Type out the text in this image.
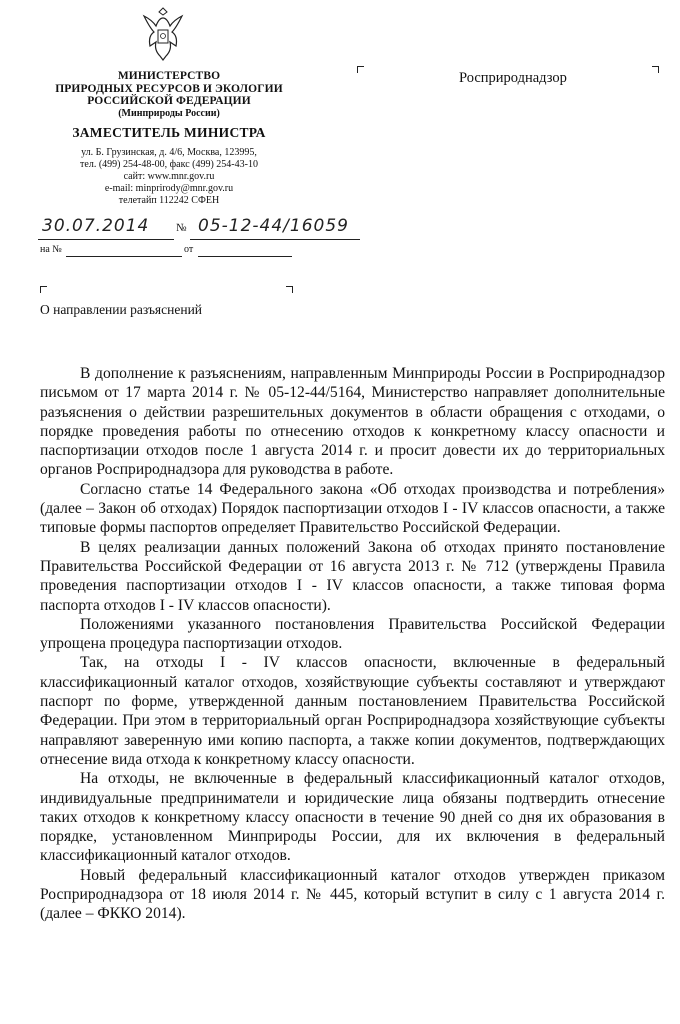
МИНИСТЕРСТВО
ПРИРОДНЫХ РЕСУРСОВ И ЭКОЛОГИИ
РОССИЙСКОЙ ФЕДЕРАЦИИ
(Минприроды России)
ЗАМЕСТИТЕЛЬ МИНИСТРА
ул. Б. Грузинская, д. 4/6, Москва, 123995,
тел. (499) 254-48-00, факс (499) 254-43-10
сайт: www.mnr.gov.ru
e-mail: minprirody@mnr.gov.ru
телетайп 112242 СФЕН
30.07.2014 № 05-12-44/16059
на №	от
Росприроднадзор
О направлении разъяснений

В дополнение к разъяснениям, направленным Минприроды России в Росприроднадзор письмом от 17 марта 2014 г. № 05-12-44/5164, Министерство направляет дополнительные разъяснения о действии разрешительных документов в области обращения с отходами, о порядке проведения работы по отнесению отходов к конкретному классу опасности и паспортизации отходов после 1 августа 2014 г. и просит довести их до территориальных органов Росприроднадзора для руководства в работе.

Согласно статье 14 Федерального закона «Об отходах производства и потребления» (далее – Закон об отходах) Порядок паспортизации отходов I - IV классов опасности, а также типовые формы паспортов определяет Правительство Российской Федерации.

В целях реализации данных положений Закона об отходах принято постановление Правительства Российской Федерации от 16 августа 2013 г. № 712 (утверждены Правила проведения паспортизации отходов I - IV классов опасности, а также типовая форма паспорта отходов I - IV классов опасности).

Положениями указанного постановления Правительства Российской Федерации упрощена процедура паспортизации отходов.

Так, на отходы I - IV классов опасности, включенные в федеральный классификационный каталог отходов, хозяйствующие субъекты составляют и утверждают паспорт по форме, утвержденной данным постановлением Правительства Российской Федерации. При этом в территориальный орган Росприроднадзора хозяйствующие субъекты направляют заверенную ими копию паспорта, а также копии документов, подтверждающих отнесение вида отхода к конкретному классу опасности.

На отходы, не включенные в федеральный классификационный каталог отходов, индивидуальные предприниматели и юридические лица обязаны подтвердить отнесение таких отходов к конкретному классу опасности в течение 90 дней со дня их образования в порядке, установленном Минприроды России, для их включения в федеральный классификационный каталог отходов.

Новый федеральный классификационный каталог отходов утвержден приказом Росприроднадзора от 18 июля 2014 г. № 445, который вступит в силу с 1 августа 2014 г. (далее – ФККО 2014).
